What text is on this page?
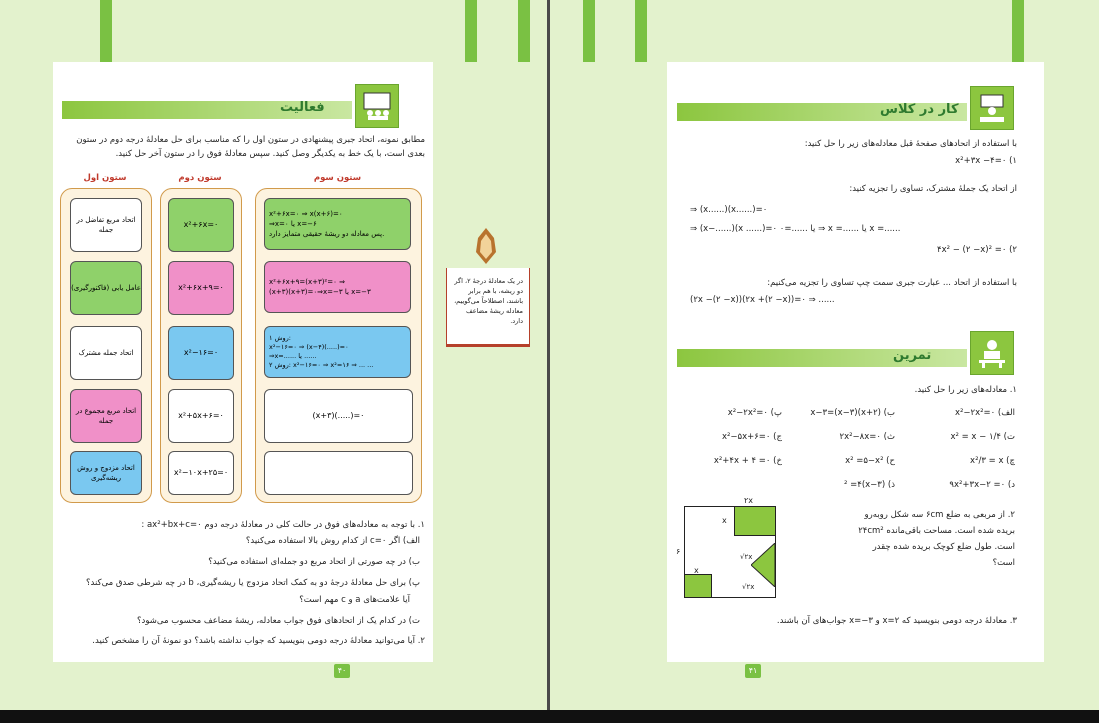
فعالیت
مطابق نمونه، اتحاد جبری پیشنهادی در ستون اول را که مناسب برای حل معادلهٔ درجه دوم در ستون
بعدی است، با یک خط به یکدیگر وصل کنید. سپس معادلهٔ فوق را در ستون آخر حل کنید.
ستون اول	ستون دوم	ستون سوم
اتحاد مربع تفاضل در جمله
عامل یابی (فاکتورگیری)
اتحاد جمله مشترک
اتحاد مربع مجموع در جمله
اتحاد مزدوج و روش ریشه‌گیری
x²+۶x=۰
x²+۶x+۹=۰
x²−۱۶=۰
x²+۵x+۶=۰
x²−۱۰x+۲۵=۰
x²+۶x=۰ ⇒ x(x+۶)=۰
⇒x=۰ یا x=−۶
پس معادله دو ریشهٔ حقیقی متمایز دارد.
x²+۶x+۹=(x+۳)²=۰ ⇒
(x+۳)(x+۳)=۰⇒x=−۳ یا x=−۳
روش ۱:
x²−۱۶=۰ ⇒ (x−۴)(.....)=۰
⇒x=...... یا ......
روش ۲: x²−۱۶=۰ ⇒ x²=۱۶ ⇒ ... ...
(x+۳)(.....)=۰
۱. با توجه به معادله‌های فوق در حالت کلی در معادلهٔ درجه دوم ax²+bx+c=۰ :
الف) اگر c=۰ از کدام روش بالا استفاده می‌کنید؟
ب) در چه صورتی از اتحاد مربع دو جمله‌ای استفاده می‌کنید؟
پ) برای حل معادلهٔ درجهٔ دو به کمک اتحاد مزدوج یا ریشه‌گیری، b در چه شرطی صدق می‌کند؟
آیا علامت‌های a و c مهم است؟
ت) در کدام یک از اتحادهای فوق جواب معادله، ریشهٔ مضاعف محسوب می‌شود؟
۲. آیا می‌توانید معادلهٔ درجه دومی بنویسید که جواب نداشته باشد؟ دو نمونهٔ آن را مشخص کنید.
۴۰
در یک معادلهٔ درجهٔ ۲، اگر دو ریشه، با هم برابر باشند، اصطلاحاً می‌گوییم، معادله ریشهٔ مضاعف دارد.
کار در کلاس
با استفاده از اتحادهای صفحهٔ قبل معادله‌های زیر را حل کنید:
۱) x²+۳x −۴=۰
از اتحاد یک جملهٔ مشترک، تساوی را تجزیه کنید:
⇒ (x......)(x......)=۰
⇒ (x−......)(x ......)=۰ یا ......=۰ ⇒ x =...... یا x =......
۲) ۴x² − (۲ −x)² =۰
با استفاده از اتحاد ... عبارت جبری سمت چپ تساوی را تجزیه می‌کنیم:
(۲x −(۲ −x))(۲x +(۲ −x))=۰ ⇒ ......
تمرین
۱. معادله‌های زیر را حل کنید.
الف) x²−۲x²=۰
ب) (x+۲)(x−۳)=x−۳
پ) x²−۲x²=۰
ت) x² = x − ۱/۴
ث) ۲x²−۸x=۰
ج) x²−۵x+۶=۰
چ) x²/۳ = x
ح) x² =۵−x²
خ) x²+۴x + ۴ =۰
د) ۹x²+۳x−۲ =۰
ذ) (x−۳)² =۴
۲. از مربعی به ضلع ۶cm سه شکل روبه‌رو
بریده شده است. مساحت باقی‌مانده ۲۴cm²
است. طول ضلع کوچک بریده شده چقدر
است؟
۲x
x
x
۶
√۲x
√۲x
۳. معادلهٔ درجه دومی بنویسید که x=۲ و x=−۳ جواب‌های آن باشند.
۴۱
